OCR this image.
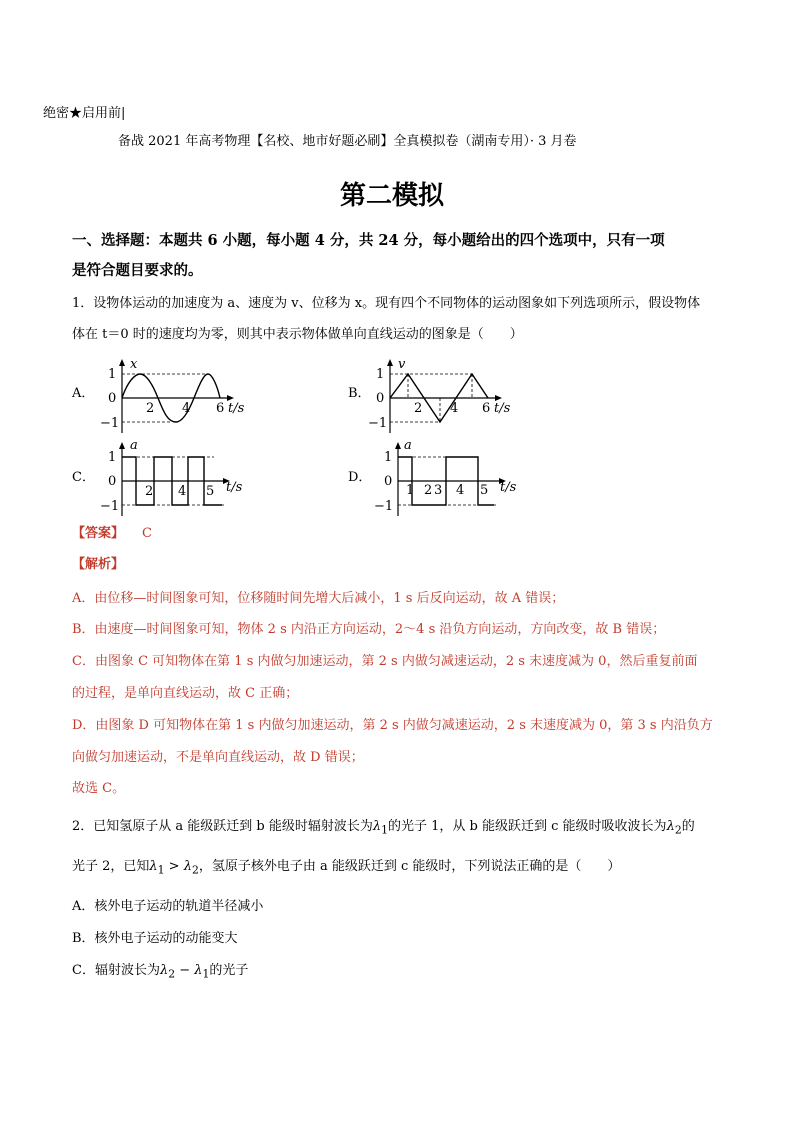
绝密★启用前|
备战 2021 年高考物理【名校、地市好题必刷】全真模拟卷（湖南专用）· 3 月卷
第二模拟
一、选择题：本题共 6 小题，每小题 4 分，共 24 分，每小题给出的四个选项中，只有一项
是符合题目要求的。
1．设物体运动的加速度为 a、速度为 v、位移为 x。现有四个不同物体的运动图象如下列选项所示，假设物体
体在 t＝0 时的速度均为零，则其中表示物体做单向直线运动的图象是（　　）
A．
x
1
0
−1
2 4 6 t/s
B．
v
1
0
−1
2 4 6 t/s
C．
a
1
0
−1
2 4 5 t/s
D．
a
1
0
−1
1 2 3 4 5 t/s
【答案】 C
【解析】
A．由位移—时间图象可知，位移随时间先增大后减小，1 s 后反向运动，故 A 错误；
B．由速度—时间图象可知，物体 2 s 内沿正方向运动，2～4 s 沿负方向运动，方向改变，故 B 错误；
C．由图象 C 可知物体在第 1 s 内做匀加速运动，第 2 s 内做匀减速运动，2 s 末速度减为 0，然后重复前面
的过程，是单向直线运动，故 C 正确；
D．由图象 D 可知物体在第 1 s 内做匀加速运动，第 2 s 内做匀减速运动，2 s 末速度减为 0，第 3 s 内沿负方
向做匀加速运动，不是单向直线运动，故 D 错误；
故选 C。
2．已知氢原子从 a 能级跃迁到 b 能级时辐射波长为$\lambda_1$的光子 1，从 b 能级跃迁到 c 能级时吸收波长为$\lambda_2$的
光子 2，已知$\lambda_1 > \lambda_2$，氢原子核外电子由 a 能级跃迁到 c 能级时，下列说法正确的是（　　）
A．核外电子运动的轨道半径减小
B．核外电子运动的动能变大
C．辐射波长为$\lambda_2 - \lambda_1$的光子
